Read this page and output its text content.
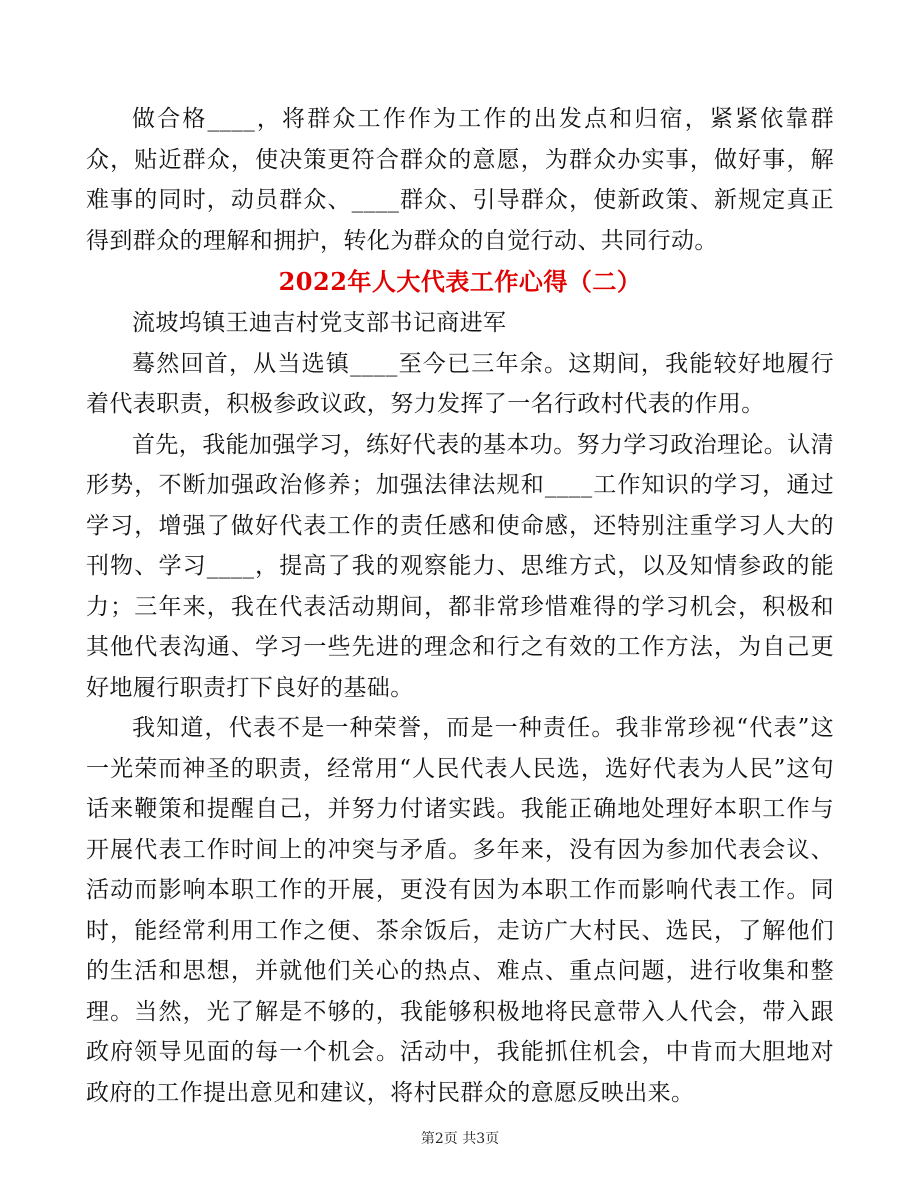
做合格____，将群众工作作为工作的出发点和归宿，紧紧依靠群众，贴近群众，使决策更符合群众的意愿，为群众办实事，做好事，解难事的同时，动员群众、____群众、引导群众，使新政策、新规定真正得到群众的理解和拥护，转化为群众的自觉行动、共同行动。

2022年人大代表工作心得（二）

流坡坞镇王迪吉村党支部书记商进军

蓦然回首，从当选镇____至今已三年余。这期间，我能较好地履行着代表职责，积极参政议政，努力发挥了一名行政村代表的作用。

首先，我能加强学习，练好代表的基本功。努力学习政治理论。认清形势，不断加强政治修养；加强法律法规和____工作知识的学习，通过学习，增强了做好代表工作的责任感和使命感，还特别注重学习人大的刊物、学习____，提高了我的观察能力、思维方式，以及知情参政的能力；三年来，我在代表活动期间，都非常珍惜难得的学习机会，积极和其他代表沟通、学习一些先进的理念和行之有效的工作方法，为自己更好地履行职责打下良好的基础。

我知道，代表不是一种荣誉，而是一种责任。我非常珍视“代表”这一光荣而神圣的职责，经常用“人民代表人民选，选好代表为人民”这句话来鞭策和提醒自己，并努力付诸实践。我能正确地处理好本职工作与开展代表工作时间上的冲突与矛盾。多年来，没有因为参加代表会议、活动而影响本职工作的开展，更没有因为本职工作而影响代表工作。同时，能经常利用工作之便、茶余饭后，走访广大村民、选民，了解他们的生活和思想，并就他们关心的热点、难点、重点问题，进行收集和整理。当然，光了解是不够的，我能够积极地将民意带入人代会，带入跟政府领导见面的每一个机会。活动中，我能抓住机会，中肯而大胆地对政府的工作提出意见和建议，将村民群众的意愿反映出来。

第2页 共3页
